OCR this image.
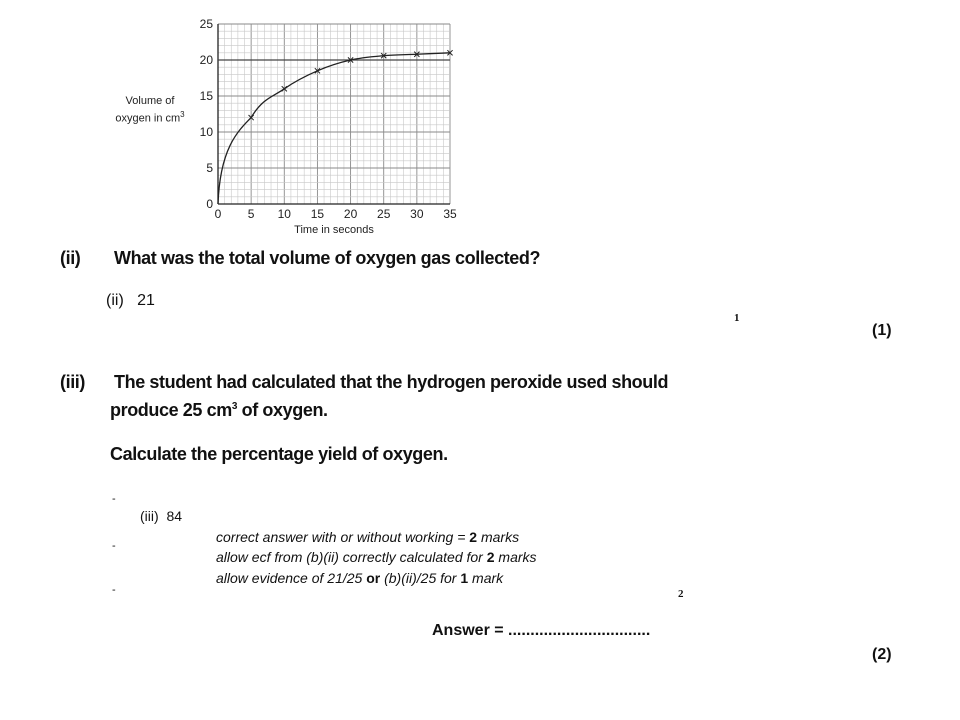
Volume of
oxygen in $cm^3$
0 5 10 15 20 25 30 35
0
5
10
15
20
25
Time in seconds
(ii) What was the total volume of oxygen gas collected?
(ii) 21
1
(1)
(iii) The student had calculated that the hydrogen peroxide used should
produce 25 $cm^3$ of oxygen.
Calculate the percentage yield of oxygen.
-
-
-
(iii) 84
correct answer with or without working = 2 marks
allow ecf from (b)(ii) correctly calculated for 2 marks
allow evidence of 21/25 or (b)(ii)/25 for 1 mark
2
Answer = ................................
(2)
